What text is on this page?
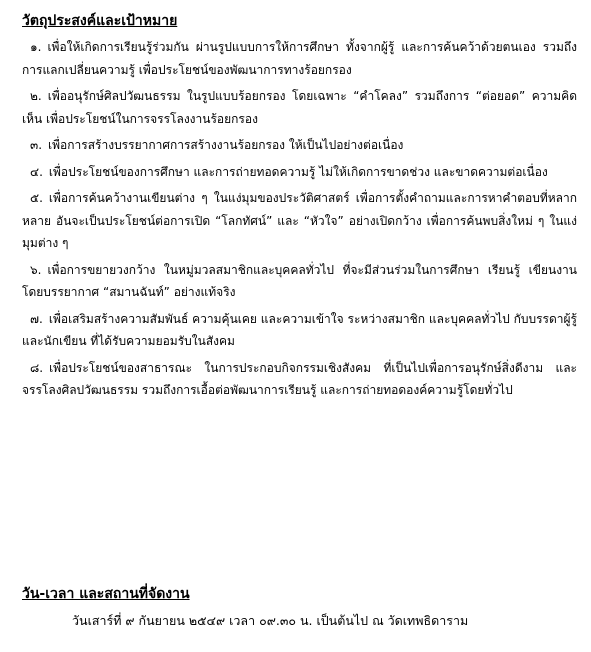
วัตถุประสงค์และเป้าหมาย
๑. เพื่อให้เกิดการเรียนรู้ร่วมกัน ผ่านรูปแบบการให้การศึกษา ทั้งจากผู้รู้ และการค้นคว้าด้วยตนเอง รวมถึงการแลกเปลี่ยนความรู้ เพื่อประโยชน์ของพัฒนาการทางร้อยกรอง
๒. เพื่ออนุรักษ์ศิลปวัฒนธรรม ในรูปแบบร้อยกรอง โดยเฉพาะ “คำโคลง” รวมถึงการ “ต่อยอด” ความคิดเห็น เพื่อประโยชน์ในการจรรโลงงานร้อยกรอง
๓. เพื่อการสร้างบรรยากาศการสร้างงานร้อยกรอง ให้เป็นไปอย่างต่อเนื่อง
๔. เพื่อประโยชน์ของการศึกษา และการถ่ายทอดความรู้ ไม่ให้เกิดการขาดช่วง และขาดความต่อเนื่อง
๕. เพื่อการค้นคว้างานเขียนต่าง ๆ ในแง่มุมของประวัติศาสตร์ เพื่อการตั้งคำถามและการหาคำตอบที่หลากหลาย อันจะเป็นประโยชน์ต่อการเปิด “โลกทัศน์” และ “หัวใจ” อย่างเปิดกว้าง เพื่อการค้นพบสิ่งใหม่ ๆ ในแง่มุมต่าง ๆ
๖. เพื่อการขยายวงกว้าง ในหมู่มวลสมาชิกและบุคคลทั่วไป ที่จะมีส่วนร่วมในการศึกษา เรียนรู้ เขียนงาน โดยบรรยากาศ “สมานฉันท์” อย่างแท้จริง
๗. เพื่อเสริมสร้างความสัมพันธ์ ความคุ้นเคย และความเข้าใจ ระหว่างสมาชิก และบุคคลทั่วไป กับบรรดาผู้รู้ และนักเขียน ที่ได้รับความยอมรับในสังคม
๘. เพื่อประโยชน์ของสาธารณะ ในการประกอบกิจกรรมเชิงสังคม ที่เป็นไปเพื่อการอนุรักษ์สิ่งดีงาม และจรรโลงศิลปวัฒนธรรม รวมถึงการเอื้อต่อพัฒนาการเรียนรู้ และการถ่ายทอดองค์ความรู้โดยทั่วไป
วัน-เวลา และสถานที่จัดงาน
วันเสาร์ที่ ๙ กันยายน ๒๕๔๙ เวลา ๐๙.๓๐ น. เป็นต้นไป ณ วัดเทพธิดาราม
